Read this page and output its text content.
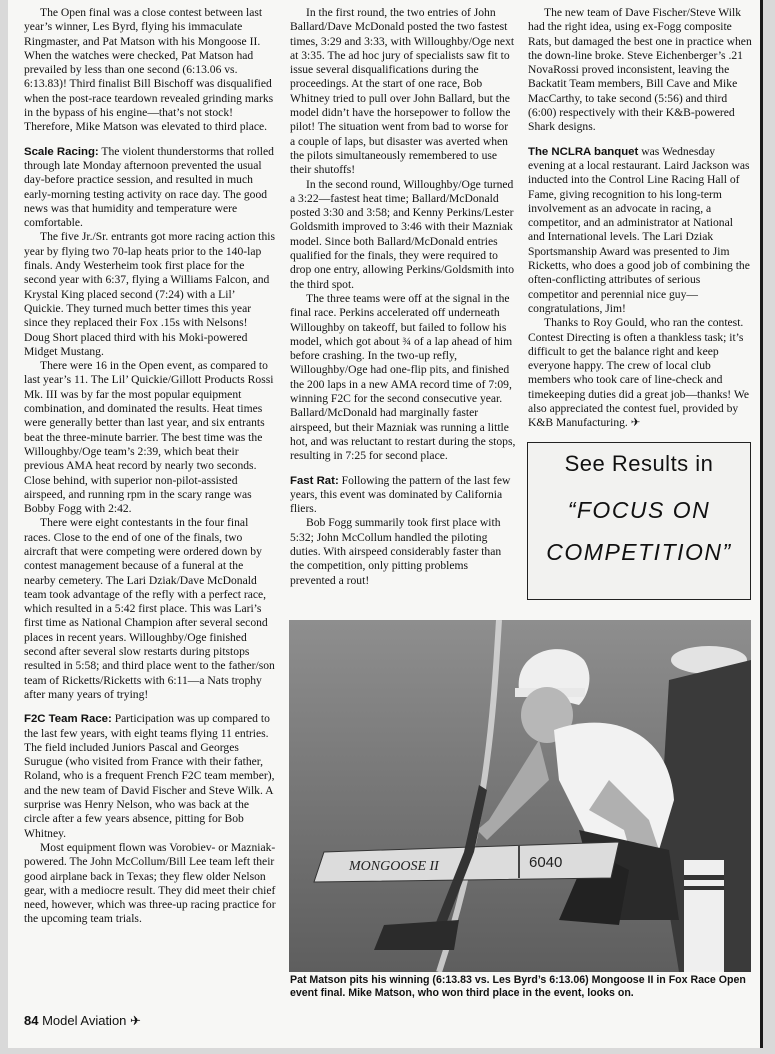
The Open final was a close contest between last year’s winner, Les Byrd, flying his immaculate Ringmaster, and Pat Matson with his Mongoose II. When the watches were checked, Pat Matson had prevailed by less than one second (6:13.06 vs. 6:13.83)! Third finalist Bill Bischoff was disqualified when the post-race teardown revealed grinding marks in the bypass of his engine—that’s not stock! Therefore, Mike Matson was elevated to third place.

Scale Racing: The violent thunderstorms that rolled through late Monday afternoon prevented the usual day-before practice session, and resulted in much early-morning testing activity on race day. The good news was that humidity and temperature were comfortable.

The five Jr./Sr. entrants got more racing action this year by flying two 70-lap heats prior to the 140-lap finals. Andy Westerheim took first place for the second year with 6:37, flying a Williams Falcon, and Krystal King placed second (7:24) with a Lil’ Quickie. They turned much better times this year since they replaced their Fox .15s with Nelsons! Doug Short placed third with his Moki-powered Midget Mustang.

There were 16 in the Open event, as compared to last year’s 11. The Lil’ Quickie/Gillott Products Rossi Mk. III was by far the most popular equipment combination, and dominated the results. Heat times were generally better than last year, and six entrants beat the three-minute barrier. The best time was the Willoughby/Oge team’s 2:39, which beat their previous AMA heat record by nearly two seconds. Close behind, with superior non-pilot-assisted airspeed, and running rpm in the scary range was Bobby Fogg with 2:42.

There were eight contestants in the four final races. Close to the end of one of the finals, two aircraft that were competing were ordered down by contest management because of a funeral at the nearby cemetery. The Lari Dziak/Dave McDonald team took advantage of the refly with a perfect race, which resulted in a 5:42 first place. This was Lari’s first time as National Champion after several second places in recent years. Willoughby/Oge finished second after several slow restarts during pitstops resulted in 5:58; and third place went to the father/son team of Ricketts/Ricketts with 6:11—a Nats trophy after many years of trying!

F2C Team Race: Participation was up compared to the last few years, with eight teams flying 11 entries. The field included Juniors Pascal and Georges Surugue (who visited from France with their father, Roland, who is a frequent French F2C team member), and the new team of David Fischer and Steve Wilk. A surprise was Henry Nelson, who was back at the circle after a few years absence, pitting for Bob Whitney.

Most equipment flown was Vorobiev- or Mazniak-powered. The John McCollum/Bill Lee team left their good airplane back in Texas; they flew older Nelson gear, with a mediocre result. They did meet their chief need, however, which was three-up racing practice for the upcoming team trials.

In the first round, the two entries of John Ballard/Dave McDonald posted the two fastest times, 3:29 and 3:33, with Willoughby/Oge next at 3:35. The ad hoc jury of specialists saw fit to issue several disqualifications during the proceedings. At the start of one race, Bob Whitney tried to pull over John Ballard, but the model didn’t have the horsepower to follow the pilot! The situation went from bad to worse for a couple of laps, but disaster was averted when the pilots simultaneously remembered to use their shutoffs!

In the second round, Willoughby/Oge turned a 3:22—fastest heat time; Ballard/McDonald posted 3:30 and 3:58; and Kenny Perkins/Lester Goldsmith improved to 3:46 with their Mazniak model. Since both Ballard/McDonald entries qualified for the finals, they were required to drop one entry, allowing Perkins/Goldsmith into the third spot.

The three teams were off at the signal in the final race. Perkins accelerated off underneath Willoughby on takeoff, but failed to follow his model, which got about ¾ of a lap ahead of him before crashing. In the two-up refly, Willoughby/Oge had one-flip pits, and finished the 200 laps in a new AMA record time of 7:09, winning F2C for the second consecutive year. Ballard/McDonald had marginally faster airspeed, but their Mazniak was running a little hot, and was reluctant to restart during the stops, resulting in 7:25 for second place.

Fast Rat: Following the pattern of the last few years, this event was dominated by California fliers.

Bob Fogg summarily took first place with 5:32; John McCollum handled the piloting duties. With airspeed considerably faster than the competition, only pitting problems prevented a rout!

The new team of Dave Fischer/Steve Wilk had the right idea, using ex-Fogg composite Rats, but damaged the best one in practice when the down-line broke. Steve Eichenberger’s .21 NovaRossi proved inconsistent, leaving the Backatit Team members, Bill Cave and Mike MacCarthy, to take second (5:56) and third (6:00) respectively with their K&B-powered Shark designs.

The NCLRA banquet was Wednesday evening at a local restaurant. Laird Jackson was inducted into the Control Line Racing Hall of Fame, giving recognition to his long-term involvement as an advocate in racing, a competitor, and an administrator at National and International levels. The Lari Dziak Sportsmanship Award was presented to Jim Ricketts, who does a good job of combining the often-conflicting attributes of serious competitor and perennial nice guy—congratulations, Jim!

Thanks to Roy Gould, who ran the contest. Contest Directing is often a thankless task; it’s difficult to get the balance right and keep everyone happy. The crew of local club members who took care of line-check and timekeeping duties did a great job—thanks! We also appreciated the contest fuel, provided by K&B Manufacturing. ✈

See Results in
“FOCUS ON
COMPETITION”
MONGOOSE II	6040
Pat Matson pits his winning (6:13.83 vs. Les Byrd’s 6:13.06) Mongoose II in Fox Race Open event final. Mike Matson, who won third place in the event, looks on.
84 Model Aviation ✈
